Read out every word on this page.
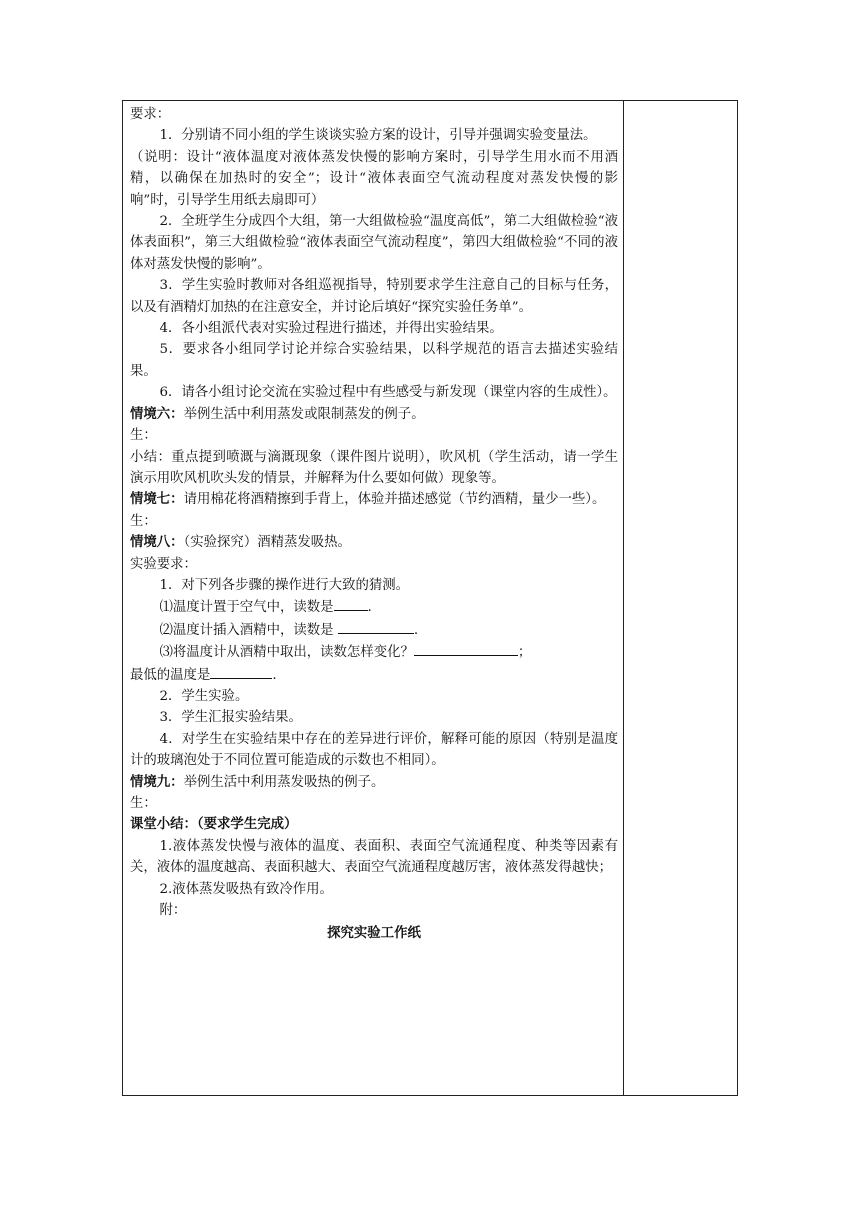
要求：

1．分别请不同小组的学生谈谈实验方案的设计，引导并强调实验变量法。

（说明：设计“液体温度对液体蒸发快慢的影响方案时，引导学生用水而不用酒精，以确保在加热时的安全”；设计“液体表面空气流动程度对蒸发快慢的影响”时，引导学生用纸去扇即可）

2．全班学生分成四个大组，第一大组做检验“温度高低”，第二大组做检验“液体表面积”，第三大组做检验“液体表面空气流动程度”，第四大组做检验“不同的液体对蒸发快慢的影响”。

3．学生实验时教师对各组巡视指导，特别要求学生注意自己的目标与任务，以及有酒精灯加热的在注意安全，并讨论后填好“探究实验任务单”。

4．各小组派代表对实验过程进行描述，并得出实验结果。

5．要求各小组同学讨论并综合实验结果，以科学规范的语言去描述实验结果。

6．请各小组讨论交流在实验过程中有些感受与新发现（课堂内容的生成性）。

情境六：举例生活中利用蒸发或限制蒸发的例子。

生：

小结：重点提到喷溉与滴溉现象（课件图片说明），吹风机（学生活动，请一学生演示用吹风机吹头发的情景，并解释为什么要如何做）现象等。

情境七：请用棉花将酒精擦到手背上，体验并描述感觉（节约酒精，量少一些）。

生：

情境八：（实验探究）酒精蒸发吸热。

实验要求：

1．对下列各步骤的操作进行大致的猜测。

⑴温度计置于空气中，读数是	.

⑵温度计插入酒精中，读数是	.

⑶将温度计从酒精中取出，读数怎样变化？	；

最低的温度是	.

2．学生实验。

3．学生汇报实验结果。

4．对学生在实验结果中存在的差异进行评价，解释可能的原因（特别是温度计的玻璃泡处于不同位置可能造成的示数也不相同）。

情境九：举例生活中利用蒸发吸热的例子。

生：

课堂小结：（要求学生完成）

1.液体蒸发快慢与液体的温度、表面积、表面空气流通程度、种类等因素有关，液体的温度越高、表面积越大、表面空气流通程度越厉害，液体蒸发得越快；

2.液体蒸发吸热有致冷作用。

附：

探究实验工作纸
